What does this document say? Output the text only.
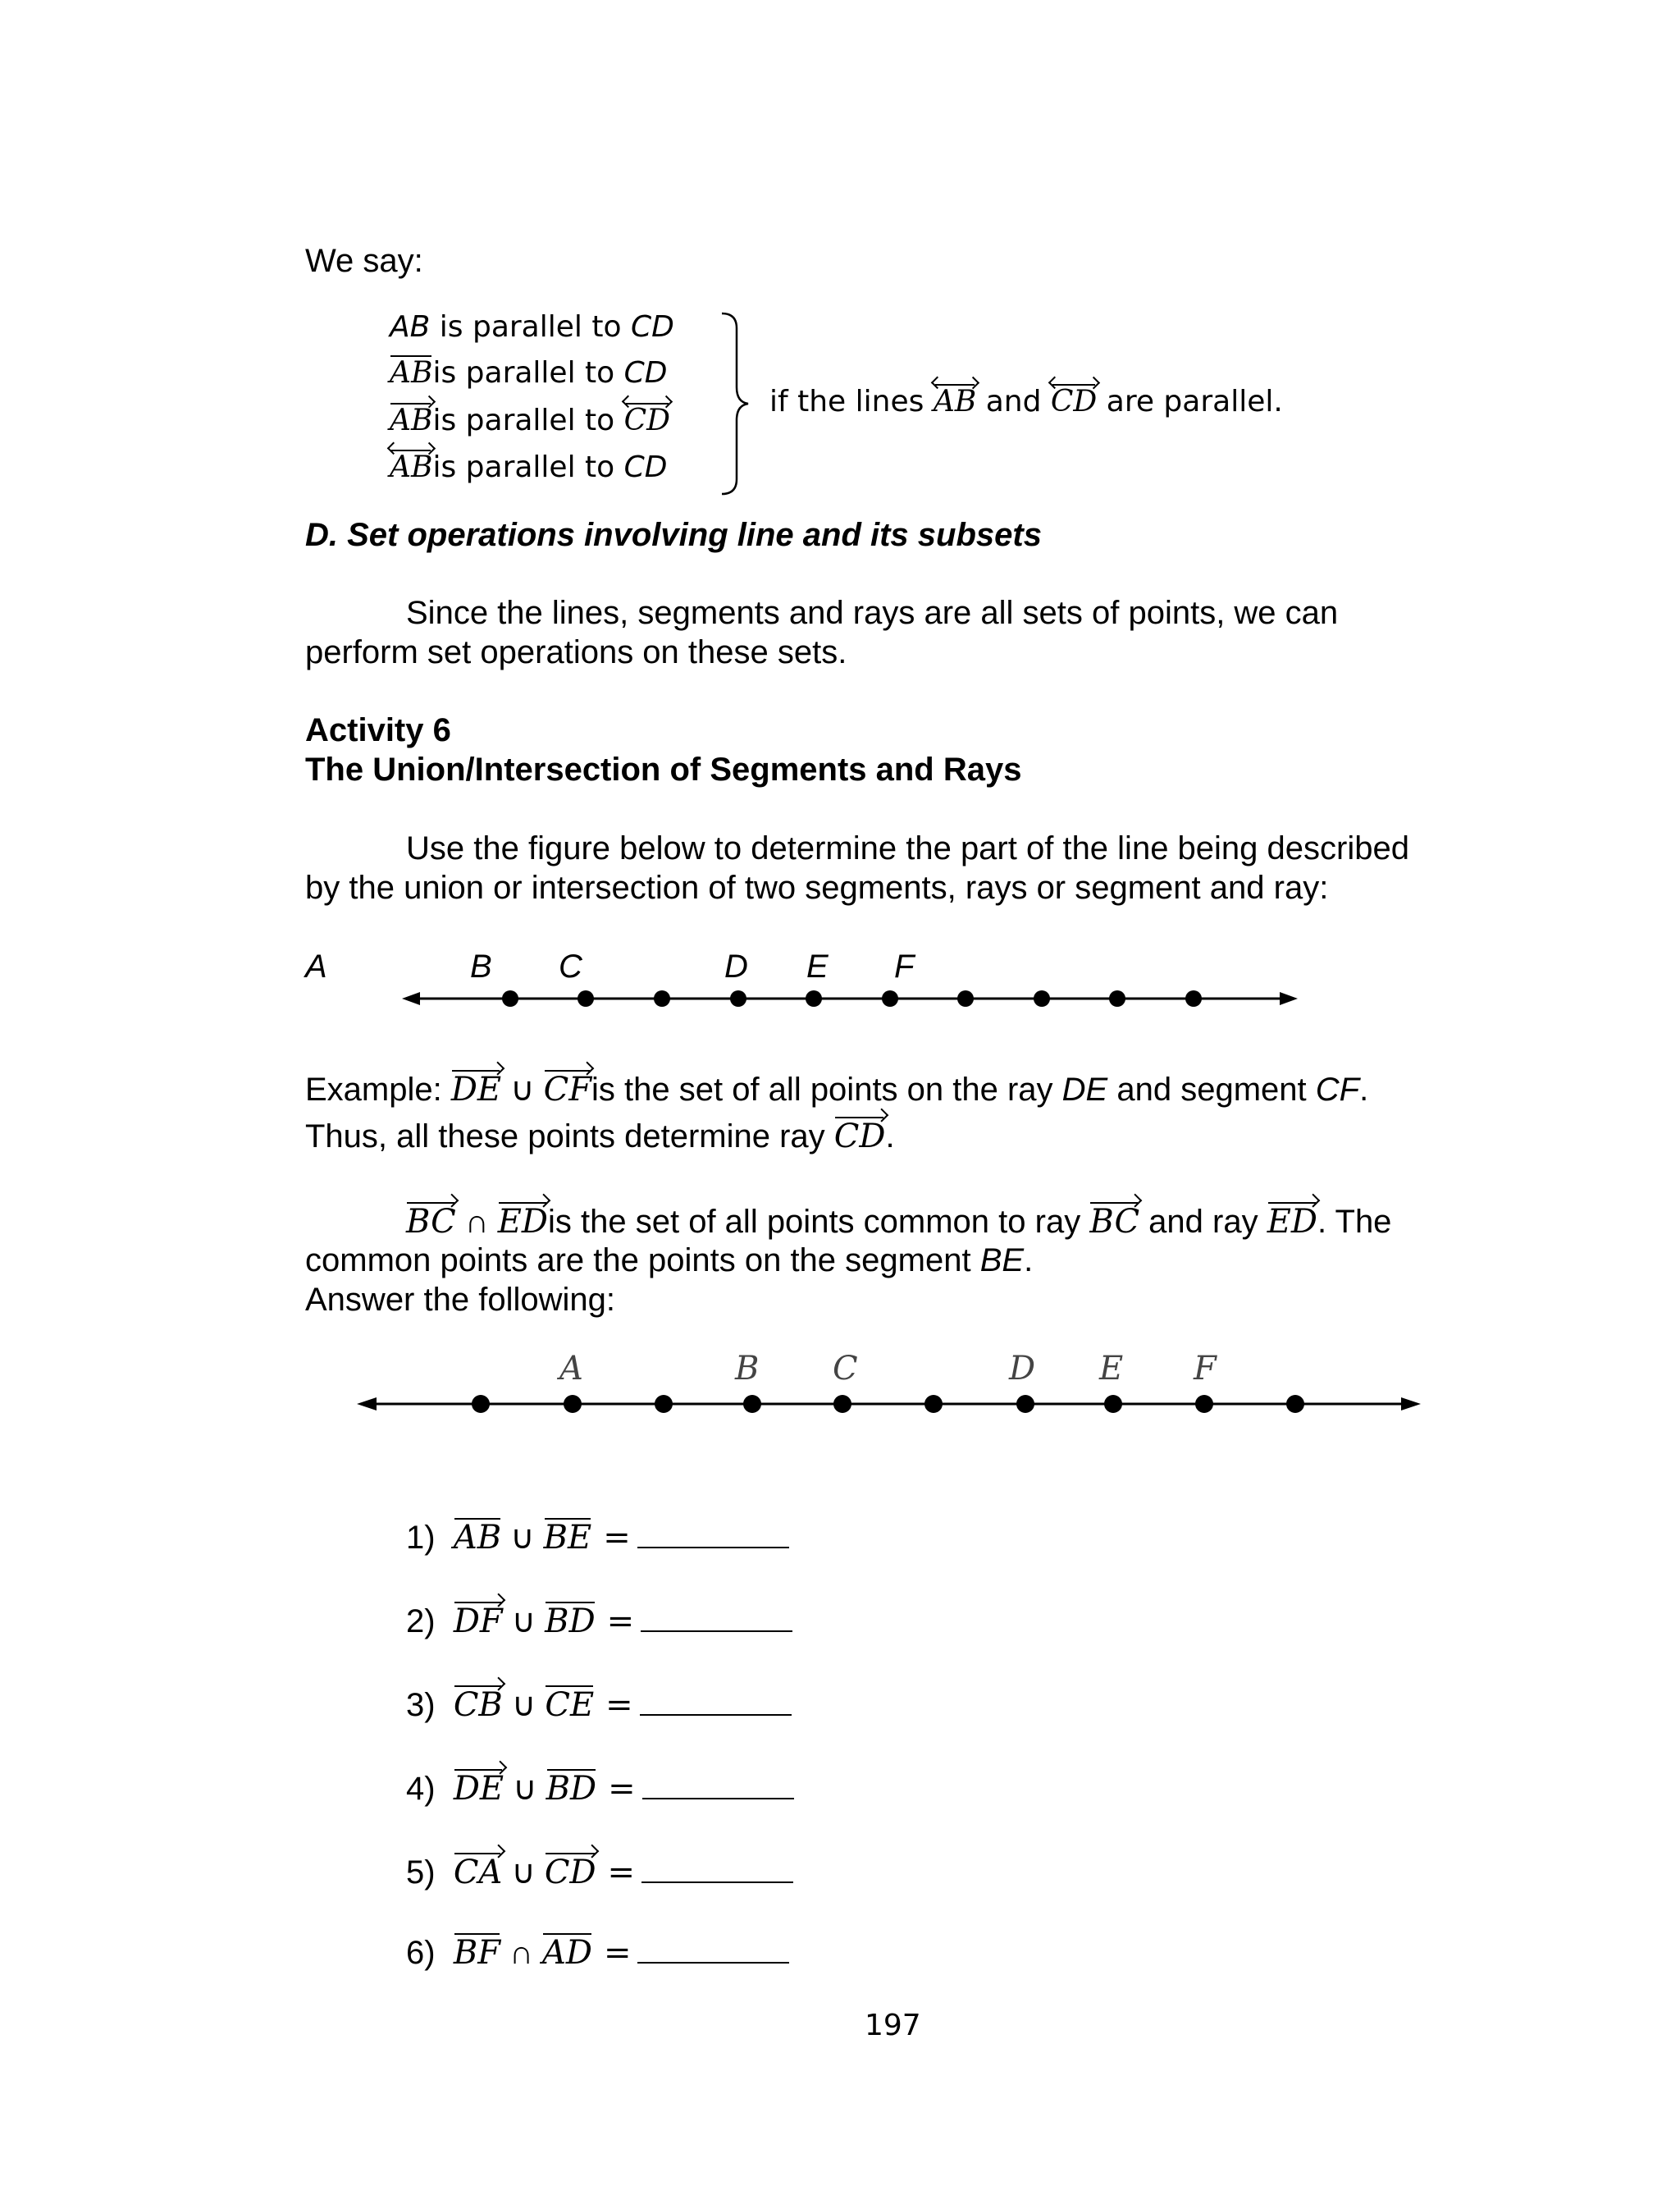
We say:
AB is parallel to CD
ABis parallel to CD
ABis parallel to
CD
ABis parallel to CD
if the lines
AB and
CD are parallel.
D. Set operations involving line and its subsets
Since the lines, segments and rays are all sets of points, we can
perform set operations on these sets.
Activity 6
The Union/Intersection of Segments and Rays
Use the figure below to determine the part of the line being described
by the union or intersection of two segments, rays or segment and ray:
A	B C	D E F
Example: DE ∪ CFis the set of all points on the ray DE and segment CF.
Thus, all these points determine ray CD.
BC ∩ EDis the set of all points common to ray BC and ray ED. The
common points are the points on the segment BE.
Answer the following:
A	B C	D E F
1) AB ∪ BE =
2) DF ∪ BD =
3) CB ∪ CE =
4) DE ∪ BD =
5) CA ∪ CD =
6) BF ∩ AD =
197
